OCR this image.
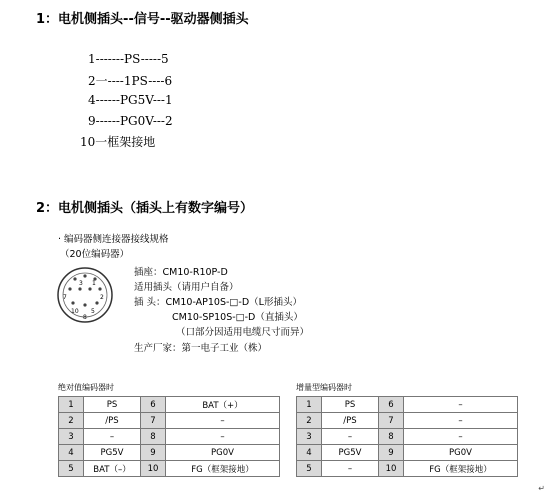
1：电机侧插头--信号--驱动器侧插头
1-------PS-----5
2一----1PS----6
4------PG5V---1
9------PG0V---2
10一框架接地
2：电机侧插头（插头上有数字编号）
· 编码器侧连接器接线规格
（20位编码器）
3 1
7	2
10 5
8
插座：CM10-R10P-D
适用插头（请用户自备）
插 头：CM10-AP10S-□-D（L形插头）
CM10-SP10S-□-D（直插头）
（口部分因适用电缆尺寸而异）
生产厂家：第一电子工业（株）
绝对值编码器时	增量型编码器时
1	PS	6	BAT（+）
2	/PS	7	–
3	–	8	–
4	PG5V	9	PG0V
5	BAT（–）	10	FG（框架接地）
1	PS	6	–
2	/PS	7	–
3	–	8	–
4	PG5V	9	PG0V
5	–	10	FG（框架接地）
↵
